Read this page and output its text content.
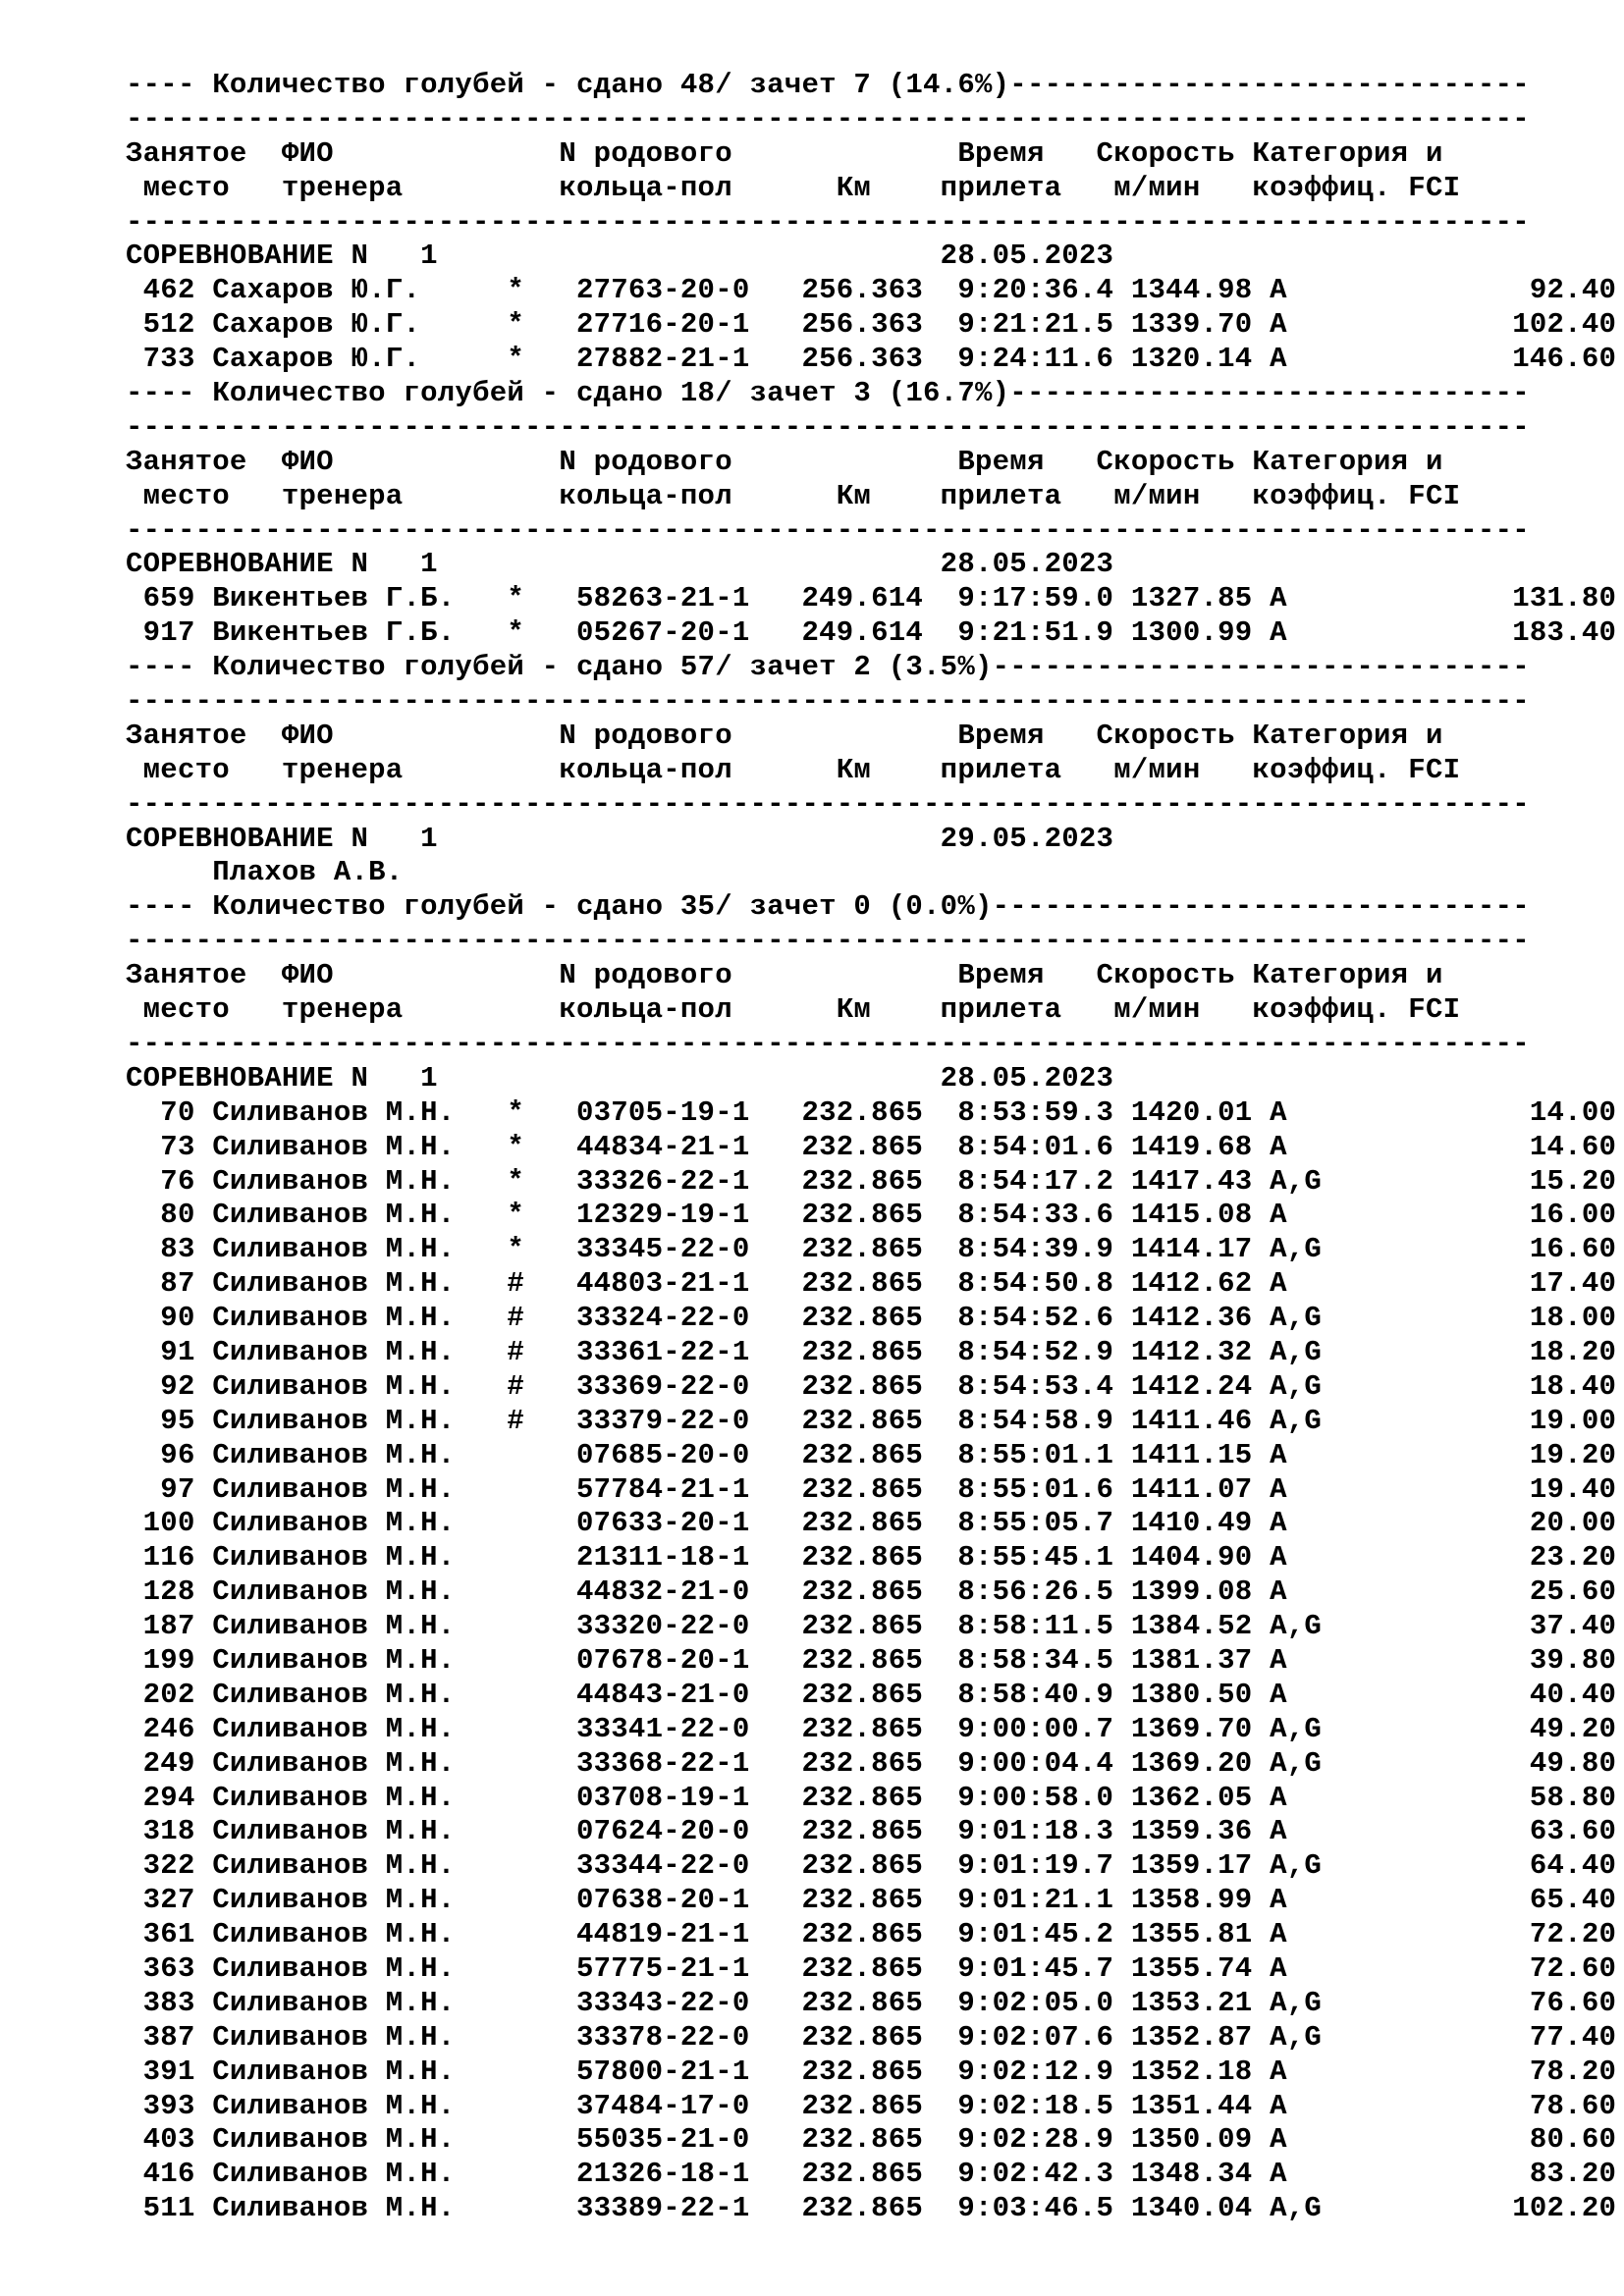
---- Количество голубей - сдано 48/ зачет 7 (14.6%)------------------------------
---------------------------------------------------------------------------------
Занятое  ФИО             N родового             Время   Скорость Категория и
место   тренера         кольца-пол      Км    прилета   м/мин   коэффиц. FCI
---------------------------------------------------------------------------------
СОРЕВНОВАНИЕ N   1                             28.05.2023
462 Сахаров Ю.Г.     *   27763-20-0   256.363  9:20:36.4 1344.98 A              92.40
512 Сахаров Ю.Г.     *   27716-20-1   256.363  9:21:21.5 1339.70 A             102.40
733 Сахаров Ю.Г.     *   27882-21-1   256.363  9:24:11.6 1320.14 A             146.60
---- Количество голубей - сдано 18/ зачет 3 (16.7%)------------------------------
---------------------------------------------------------------------------------
Занятое  ФИО             N родового             Время   Скорость Категория и
место   тренера         кольца-пол      Км    прилета   м/мин   коэффиц. FCI
---------------------------------------------------------------------------------
СОРЕВНОВАНИЕ N   1                             28.05.2023
659 Викентьев Г.Б.   *   58263-21-1   249.614  9:17:59.0 1327.85 A             131.80
917 Викентьев Г.Б.   *   05267-20-1   249.614  9:21:51.9 1300.99 A             183.40
---- Количество голубей - сдано 57/ зачет 2 (3.5%)-------------------------------
---------------------------------------------------------------------------------
Занятое  ФИО             N родового             Время   Скорость Категория и
место   тренера         кольца-пол      Км    прилета   м/мин   коэффиц. FCI
---------------------------------------------------------------------------------
СОРЕВНОВАНИЕ N   1                             29.05.2023
Плахов А.В.
---- Количество голубей - сдано 35/ зачет 0 (0.0%)-------------------------------
---------------------------------------------------------------------------------
Занятое  ФИО             N родового             Время   Скорость Категория и
место   тренера         кольца-пол      Км    прилета   м/мин   коэффиц. FCI
---------------------------------------------------------------------------------
СОРЕВНОВАНИЕ N   1                             28.05.2023
70 Силиванов М.Н.   *   03705-19-1   232.865  8:53:59.3 1420.01 A              14.00
73 Силиванов М.Н.   *   44834-21-1   232.865  8:54:01.6 1419.68 A              14.60
76 Силиванов М.Н.   *   33326-22-1   232.865  8:54:17.2 1417.43 A,G            15.20
80 Силиванов М.Н.   *   12329-19-1   232.865  8:54:33.6 1415.08 A              16.00
83 Силиванов М.Н.   *   33345-22-0   232.865  8:54:39.9 1414.17 A,G            16.60
87 Силиванов М.Н.   #   44803-21-1   232.865  8:54:50.8 1412.62 A              17.40
90 Силиванов М.Н.   #   33324-22-0   232.865  8:54:52.6 1412.36 A,G            18.00
91 Силиванов М.Н.   #   33361-22-1   232.865  8:54:52.9 1412.32 A,G            18.20
92 Силиванов М.Н.   #   33369-22-0   232.865  8:54:53.4 1412.24 A,G            18.40
95 Силиванов М.Н.   #   33379-22-0   232.865  8:54:58.9 1411.46 A,G            19.00
96 Силиванов М.Н.       07685-20-0   232.865  8:55:01.1 1411.15 A              19.20
97 Силиванов М.Н.       57784-21-1   232.865  8:55:01.6 1411.07 A              19.40
100 Силиванов М.Н.       07633-20-1   232.865  8:55:05.7 1410.49 A              20.00
116 Силиванов М.Н.       21311-18-1   232.865  8:55:45.1 1404.90 A              23.20
128 Силиванов М.Н.       44832-21-0   232.865  8:56:26.5 1399.08 A              25.60
187 Силиванов М.Н.       33320-22-0   232.865  8:58:11.5 1384.52 A,G            37.40
199 Силиванов М.Н.       07678-20-1   232.865  8:58:34.5 1381.37 A              39.80
202 Силиванов М.Н.       44843-21-0   232.865  8:58:40.9 1380.50 A              40.40
246 Силиванов М.Н.       33341-22-0   232.865  9:00:00.7 1369.70 A,G            49.20
249 Силиванов М.Н.       33368-22-1   232.865  9:00:04.4 1369.20 A,G            49.80
294 Силиванов М.Н.       03708-19-1   232.865  9:00:58.0 1362.05 A              58.80
318 Силиванов М.Н.       07624-20-0   232.865  9:01:18.3 1359.36 A              63.60
322 Силиванов М.Н.       33344-22-0   232.865  9:01:19.7 1359.17 A,G            64.40
327 Силиванов М.Н.       07638-20-1   232.865  9:01:21.1 1358.99 A              65.40
361 Силиванов М.Н.       44819-21-1   232.865  9:01:45.2 1355.81 A              72.20
363 Силиванов М.Н.       57775-21-1   232.865  9:01:45.7 1355.74 A              72.60
383 Силиванов М.Н.       33343-22-0   232.865  9:02:05.0 1353.21 A,G            76.60
387 Силиванов М.Н.       33378-22-0   232.865  9:02:07.6 1352.87 A,G            77.40
391 Силиванов М.Н.       57800-21-1   232.865  9:02:12.9 1352.18 A              78.20
393 Силиванов М.Н.       37484-17-0   232.865  9:02:18.5 1351.44 A              78.60
403 Силиванов М.Н.       55035-21-0   232.865  9:02:28.9 1350.09 A              80.60
416 Силиванов М.Н.       21326-18-1   232.865  9:02:42.3 1348.34 A              83.20
511 Силиванов М.Н.       33389-22-1   232.865  9:03:46.5 1340.04 A,G           102.20
